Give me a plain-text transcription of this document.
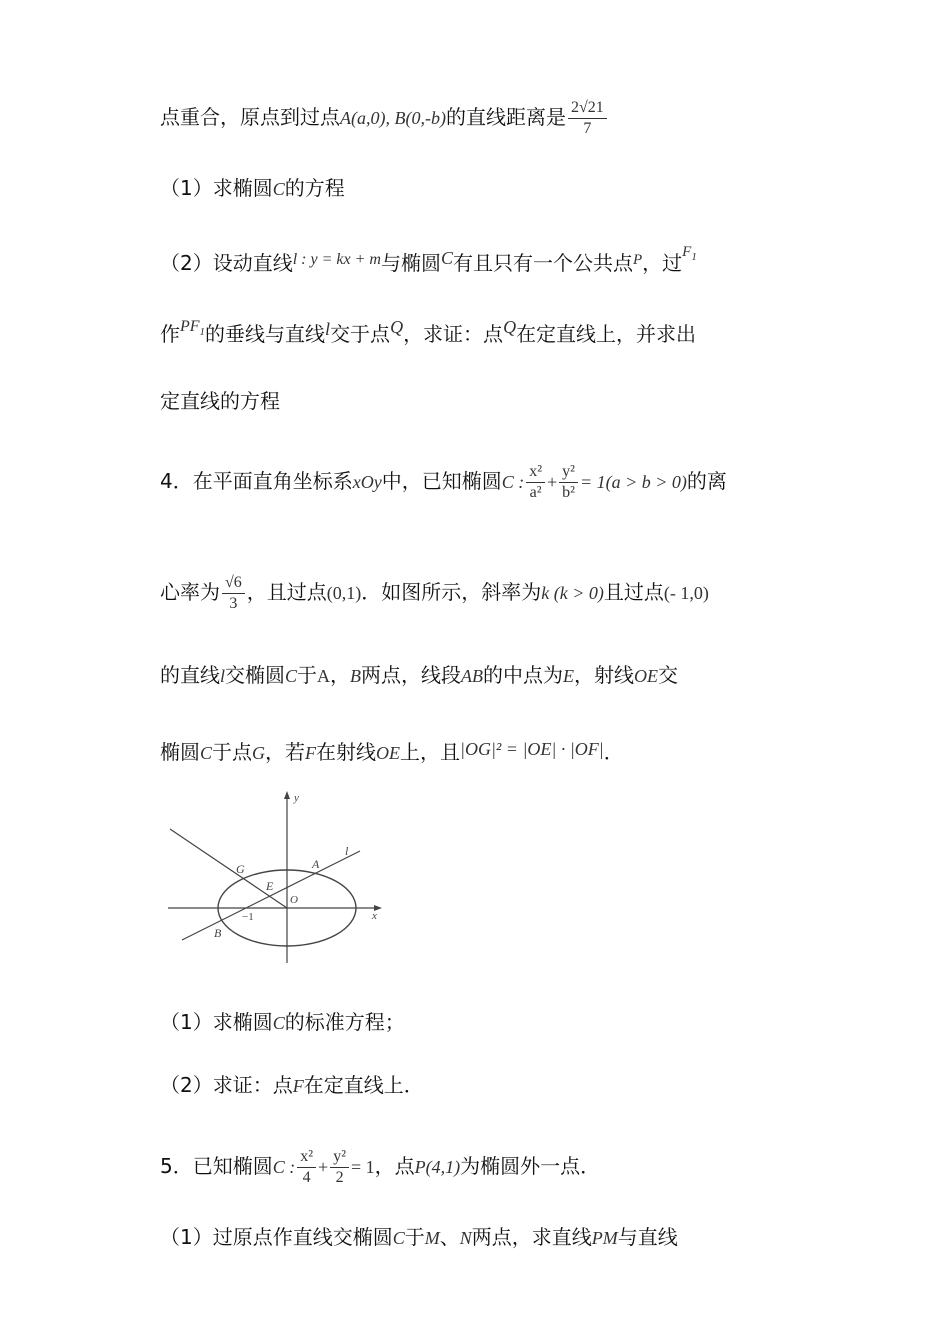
点重合，原点到过点A(a,0), B(0,-b)的直线距离是 $\frac{2√21}{7}$
（1）求椭圆C的方程
（2）设动直线$^{l : y = kx + m}$与椭圆C有且只有一个公共点$^P$，过$^{F_1}$
作$^{PF_1}$的垂线与直线l交于点Q，求证：点Q在定直线上，并求出
定直线的方程
4．在平面直角坐标系xOy中，已知椭圆C : $\frac{\text{x²}}{\text{a²}} + \frac{\text{y²}}{\text{b²}} = 1(a > b > 0)$的离
心率为 $\frac{√6}{3}$ ，且过点(0,1)．如图所示，斜率为k (k > 0)且过点(- 1,0)
的直线l交椭圆C于A，B两点，线段AB的中点为E，射线OE交
椭圆C于点G，若F在射线OE上，且|OG|² = |OE| · |OF|．
y
x
l
G	A
E
O
−1
B
（1）求椭圆C的标准方程；
（2）求证：点F在定直线上．
5．已知椭圆C : $\frac{\text{x²}}{4} + \frac{\text{y²}}{2} = 1$，点P(4,1)为椭圆外一点．
（1）过原点作直线交椭圆C于M、N两点，求直线PM与直线
